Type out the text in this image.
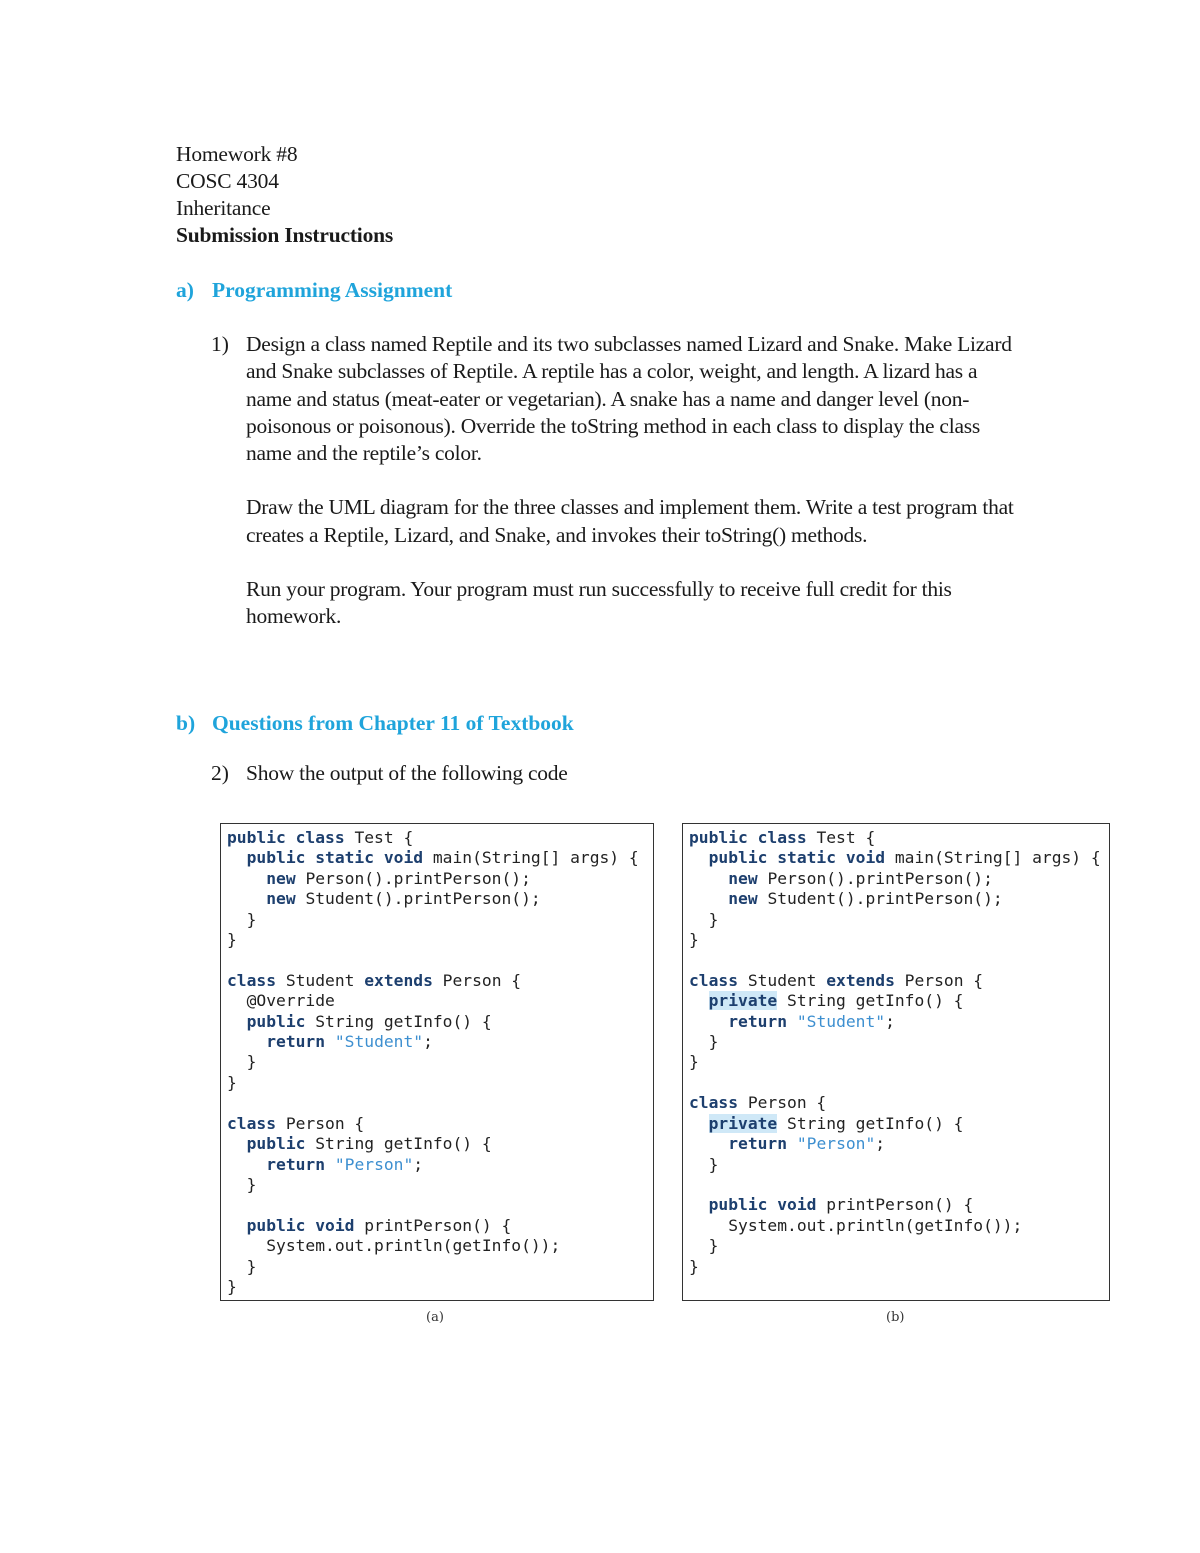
Homework #8
COSC 4304
Inheritance
Submission Instructions
a) Programming Assignment
1) Design a class named Reptile and its two subclasses named Lizard and Snake. Make Lizard and Snake subclasses of Reptile. A reptile has a color, weight, and length. A lizard has a name and status (meat-eater or vegetarian). A snake has a name and danger level (non-poisonous or poisonous). Override the toString method in each class to display the class name and the reptile’s color.

Draw the UML diagram for the three classes and implement them. Write a test program that creates a Reptile, Lizard, and Snake, and invokes their toString() methods.

Run your program. Your program must run successfully to receive full credit for this homework.

b) Questions from Chapter 11 of Textbook
2) Show the output of the following code
public class Test {
public static void main(String[] args) {
new Person().printPerson();
new Student().printPerson();
}
}

class Student extends Person {
@Override
public String getInfo() {
return "Student";
}
}

class Person {
public String getInfo() {
return "Person";
}

public void printPerson() {
System.out.println(getInfo());
}
}
public class Test {
public static void main(String[] args) {
new Person().printPerson();
new Student().printPerson();
}
}

class Student extends Person {
private String getInfo() {
return "Student";
}
}

class Person {
private String getInfo() {
return "Person";
}

public void printPerson() {
System.out.println(getInfo());
}
}
(a)	(b)
